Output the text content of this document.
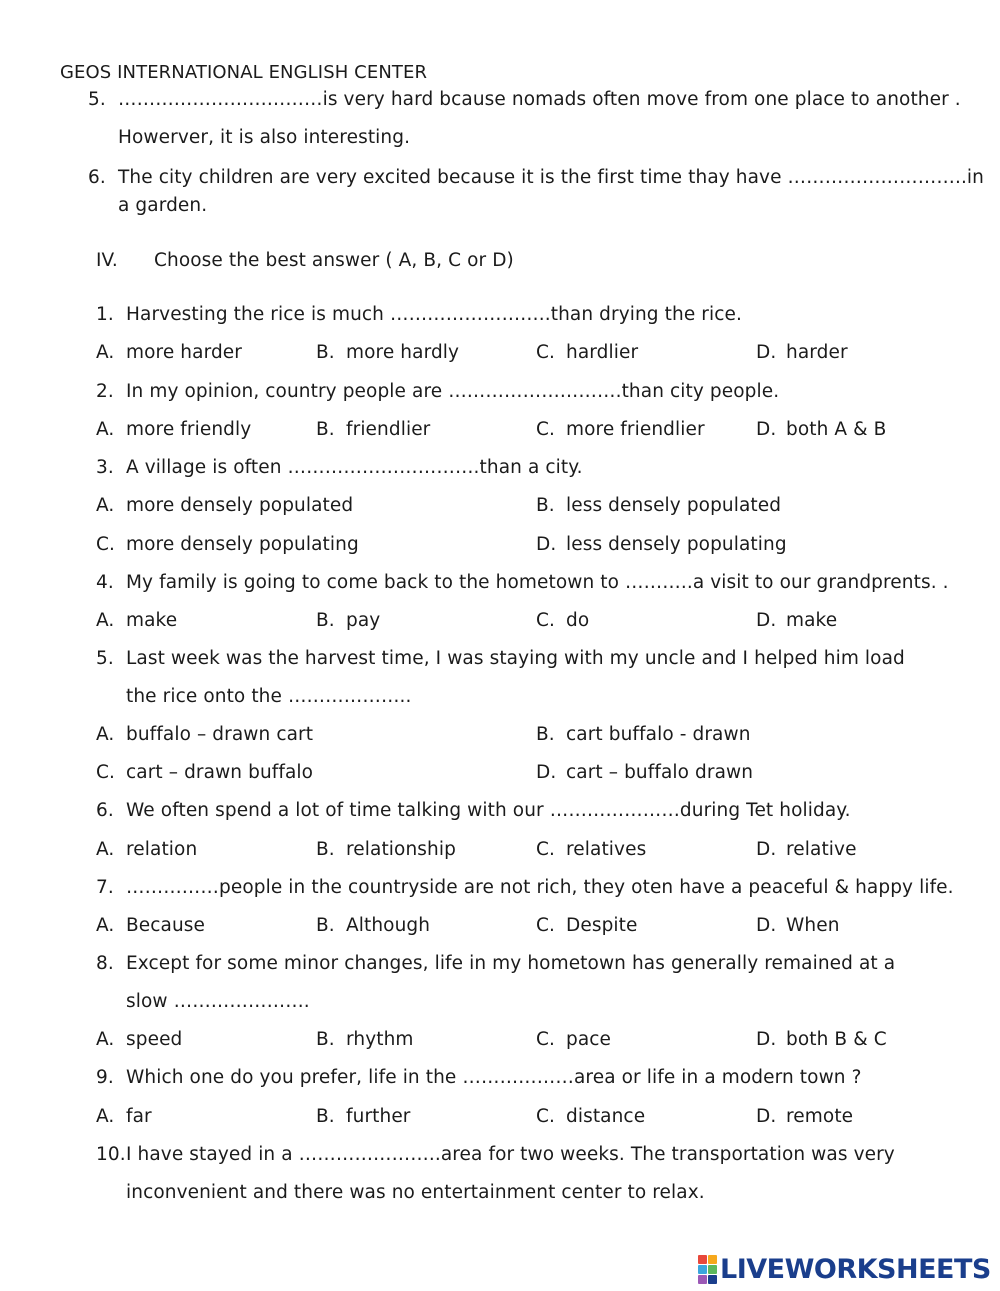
GEOS INTERNATIONAL ENGLISH CENTER
5. ……………………………is very hard bcause nomads often move from one place to another .
Howerver, it is also interesting.
6. The city children are very excited because it is the first time thay have ………………………..in
a garden.
IV. Choose the best answer ( A, B, C or D)
1. Harvesting the rice is much ……………………..than drying the rice.
A. more harder	B. more hardly	C. hardlier	D. harder
2. In my opinion, country people are ……………………….than city people.
A. more friendly	B. friendlier	C. more friendlier	D. both A & B
3. A village is often ………………………….than a city.
A. more densely populated	B. less densely populated
C. more densely populating	D. less densely populating
4. My family is going to come back to the hometown to ………..a visit to our grandprents. .
A. make	B. pay	C. do	D. make
5. Last week was the harvest time, I was staying with my uncle and I helped him load
the rice onto the ………………..
A. buffalo – drawn cart	B. cart buffalo - drawn
C. cart – drawn buffalo	D. cart – buffalo drawn
6. We often spend a lot of time talking with our …………………during Tet holiday.
A. relation	B. relationship	C. relatives	D. relative
7. ……………people in the countryside are not rich, they oten have a peaceful & happy life.
A. Because	B. Although	C. Despite	D. When
8. Except for some minor changes, life in my hometown has generally remained at a
slow ………………….
A. speed	B. rhythm	C. pace	D. both B & C
9. Which one do you prefer, life in the ………………area or life in a modern town ?
A. far	B. further	C. distance	D. remote
10. I have stayed in a …………………..area for two weeks. The transportation was very
inconvenient and there was no entertainment center to relax.
LIVEWORKSHEETS
